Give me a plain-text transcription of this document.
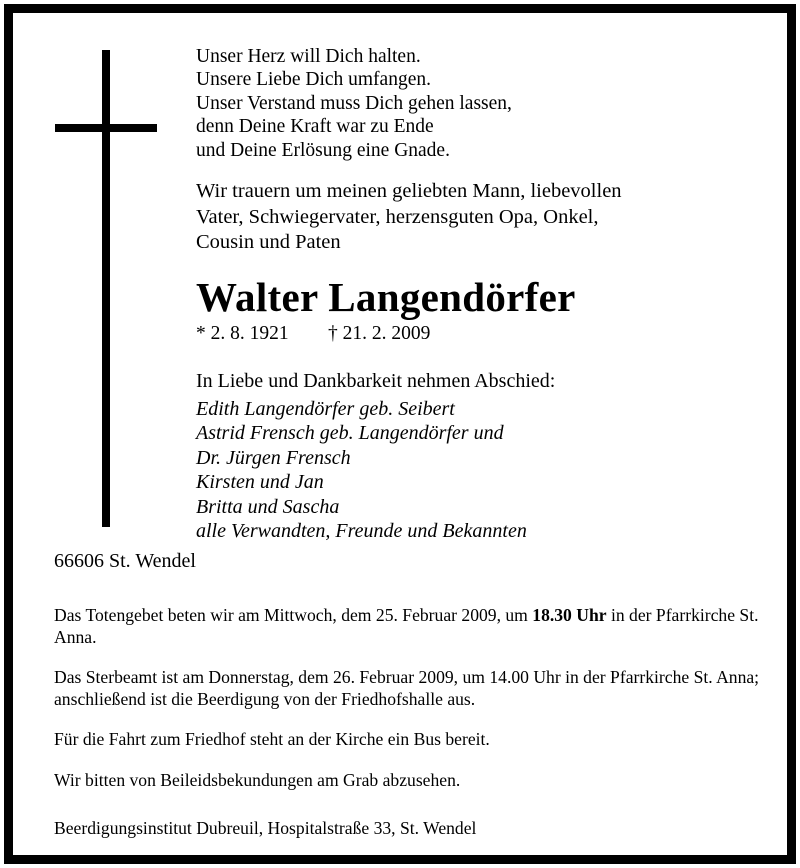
Unser Herz will Dich halten.
Unsere Liebe Dich umfangen.
Unser Verstand muss Dich gehen lassen,
denn Deine Kraft war zu Ende
und Deine Erlösung eine Gnade.
Wir trauern um meinen geliebten Mann, liebevollen
Vater, Schwiegervater, herzensguten Opa, Onkel,
Cousin und Paten
Walter Langendörfer
* 2. 8. 1921 † 21. 2. 2009
In Liebe und Dankbarkeit nehmen Abschied:
Edith Langendörfer geb. Seibert
Astrid Frensch geb. Langendörfer und
Dr. Jürgen Frensch
Kirsten und Jan
Britta und Sascha
alle Verwandten, Freunde und Bekannten
66606 St. Wendel

Das Totengebet beten wir am Mittwoch, dem 25. Februar 2009, um 18.30 Uhr in der Pfarrkirche St. Anna.

Das Sterbeamt ist am Donnerstag, dem 26. Februar 2009, um 14.00 Uhr in der Pfarrkirche St. Anna; anschließend ist die Beerdigung von der Friedhofshalle aus.

Für die Fahrt zum Friedhof steht an der Kirche ein Bus bereit.

Wir bitten von Beileidsbekundungen am Grab abzusehen.

Beerdigungsinstitut Dubreuil, Hospitalstraße 33, St. Wendel
